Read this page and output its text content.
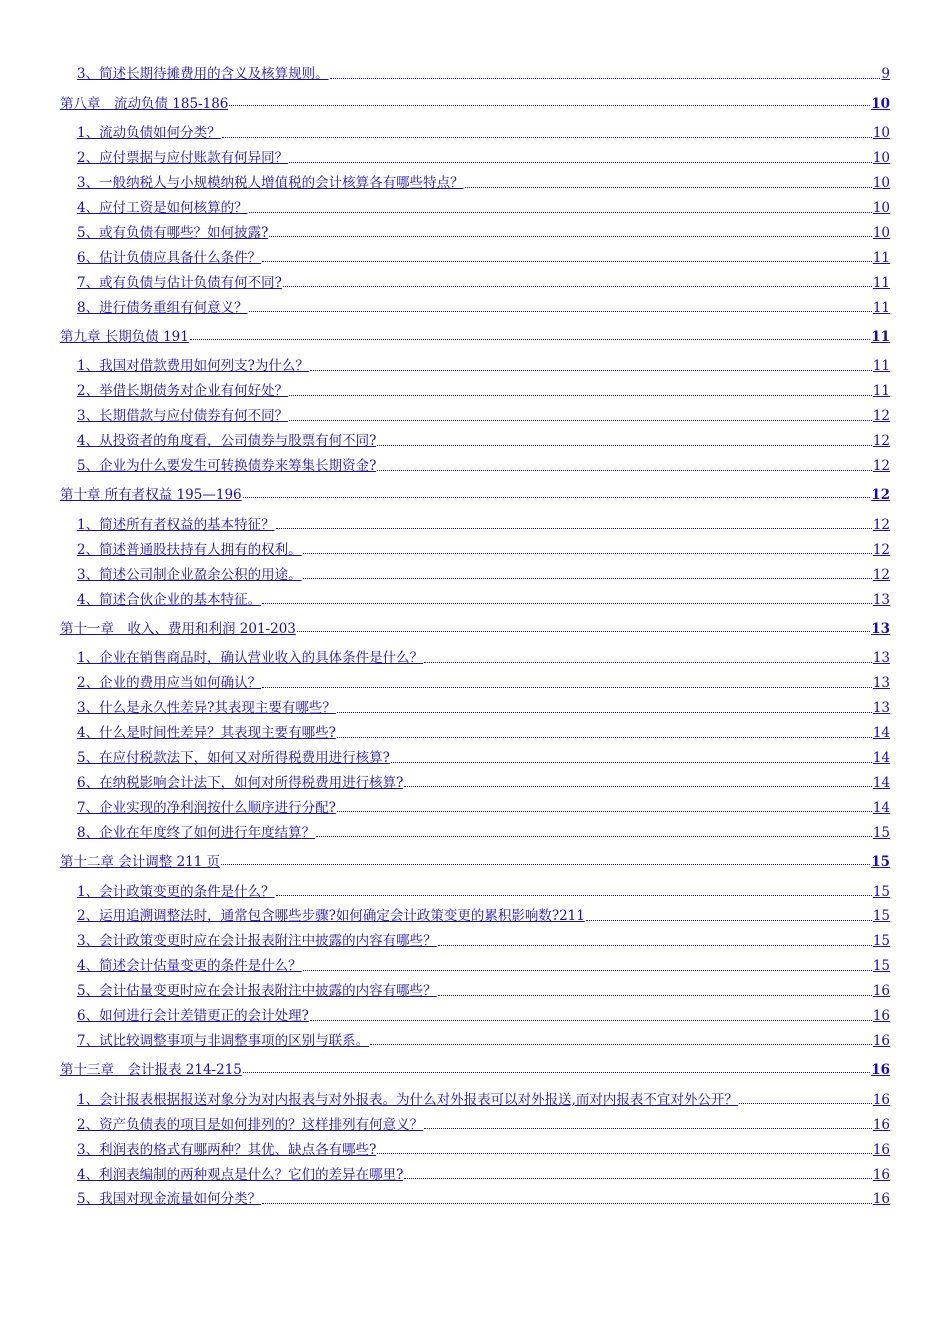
3、简述长期待摊费用的含义及核算规则。	9
第八章　流动负债 185-186	10
1、流动负债如何分类？	10
2、应付票据与应付账款有何异同？	10
3、一般纳税人与小规模纳税人增值税的会计核算各有哪些特点？	10
4、应付工资是如何核算的？	10
5、或有负债有哪些？如何披露?	10
6、估计负债应具备什么条件？	11
7、或有负债与估计负债有何不同?	11
8、进行债务重组有何意义？	11
第九章 长期负债 191	11
1、我国对借款费用如何列支?为什么？	11
2、举借长期债务对企业有何好处？	11
3、长期借款与应付债券有何不同？	12
4、从投资者的角度看，公司债券与股票有何不同?	12
5、企业为什么要发生可转换债券来筹集长期资金?	12
第十章 所有者权益 195—196	12
1、简述所有者权益的基本特征？	12
2、简述普通股扶持有人拥有的权利。	12
3、简述公司制企业盈余公积的用途。	12
4、简述合伙企业的基本特征。	13
第十一章　收入、费用和利润 201-203	13
1、企业在销售商品时，确认营业收入的具体条件是什么？	13
2、企业的费用应当如何确认？	13
3、什么是永久性差异?其表现主要有哪些？	13
4、什么是时间性差异？其表现主要有哪些?	14
5、在应付税款法下，如何又对所得税费用进行核算?	14
6、在纳税影响会计法下，如何对所得税费用进行核算?	14
7、企业实现的净利润按什么顺序进行分配?	14
8、企业在年度终了如何进行年度结算？	15
第十二章 会计调整 211 页	15
1、会计政策变更的条件是什么？	15
2、运用追溯调整法时，通常包含哪些步骤?如何确定会计政策变更的累积影响数?211	15
3、会计政策变更时应在会计报表附注中披露的内容有哪些？	15
4、简述会计估量变更的条件是什么？	15
5、会计估量变更时应在会计报表附注中披露的内容有哪些？	16
6、如何进行会计差错更正的会计处理?	16
7、试比较调整事项与非调整事项的区别与联系。	16
第十三章　会计报表 214-215	16
1、会计报表根据报送对象分为对内报表与对外报表。为什么对外报表可以对外报送,而对内报表不宜对外公开？	16
2、资产负债表的项目是如何排列的？这样排列有何意义？	16
3、利润表的格式有哪两种？其优、缺点各有哪些?	16
4、利润表编制的两种观点是什么？它们的差异在哪里?	16
5、我国对现金流量如何分类？	16
